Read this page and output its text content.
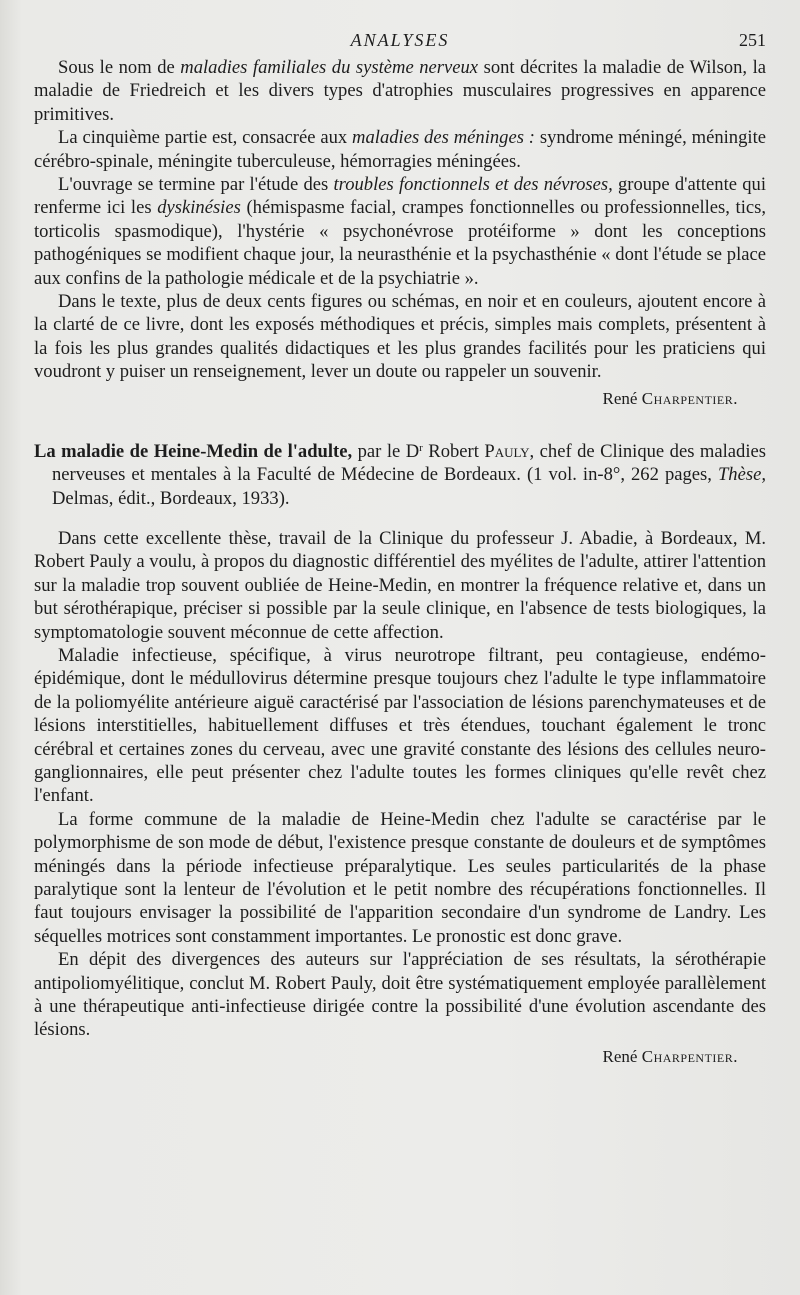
ANALYSES	251

Sous le nom de maladies familiales du système nerveux sont décrites la maladie de Wilson, la maladie de Friedreich et les divers types d'atrophies musculaires progressives en apparence primitives.

La cinquième partie est, consacrée aux maladies des méninges : syndrome méningé, méningite cérébro-spinale, méningite tuberculeuse, hémorragies méningées.

L'ouvrage se termine par l'étude des troubles fonctionnels et des névroses, groupe d'attente qui renferme ici les dyskinésies (hémispasme facial, crampes fonctionnelles ou professionnelles, tics, torticolis spasmodique), l'hystérie « psychonévrose protéiforme » dont les conceptions pathogéniques se modifient chaque jour, la neurasthénie et la psychasthénie « dont l'étude se place aux confins de la pathologie médicale et de la psychiatrie ».

Dans le texte, plus de deux cents figures ou schémas, en noir et en couleurs, ajoutent encore à la clarté de ce livre, dont les exposés méthodiques et précis, simples mais complets, présentent à la fois les plus grandes qualités didactiques et les plus grandes facilités pour les praticiens qui voudront y puiser un renseignement, lever un doute ou rappeler un souvenir.

René Charpentier.

La maladie de Heine-Medin de l'adulte, par le $D^r$ Robert Pauly, chef de Clinique des maladies nerveuses et mentales à la Faculté de Médecine de Bordeaux. (1 vol. in-8°, 262 pages, Thèse, Delmas, édit., Bordeaux, 1933).

Dans cette excellente thèse, travail de la Clinique du professeur J. Abadie, à Bordeaux, M. Robert Pauly a voulu, à propos du diagnostic différentiel des myélites de l'adulte, attirer l'attention sur la maladie trop souvent oubliée de Heine-Medin, en montrer la fréquence relative et, dans un but sérothérapique, préciser si possible par la seule clinique, en l'absence de tests biologiques, la symptomatologie souvent méconnue de cette affection.

Maladie infectieuse, spécifique, à virus neurotrope filtrant, peu contagieuse, endémo-épidémique, dont le médullovirus détermine presque toujours chez l'adulte le type inflammatoire de la poliomyélite antérieure aiguë caractérisé par l'association de lésions parenchymateuses et de lésions interstitielles, habituellement diffuses et très étendues, touchant également le tronc cérébral et certaines zones du cerveau, avec une gravité constante des lésions des cellules neuro-ganglionnaires, elle peut présenter chez l'adulte toutes les formes cliniques qu'elle revêt chez l'enfant.

La forme commune de la maladie de Heine-Medin chez l'adulte se caractérise par le polymorphisme de son mode de début, l'existence presque constante de douleurs et de symptômes méningés dans la période infectieuse préparalytique. Les seules particularités de la phase paralytique sont la lenteur de l'évolution et le petit nombre des récupérations fonctionnelles. Il faut toujours envisager la possibilité de l'apparition secondaire d'un syndrome de Landry. Les séquelles motrices sont constamment importantes. Le pronostic est donc grave.

En dépit des divergences des auteurs sur l'appréciation de ses résultats, la sérothérapie antipoliomyélitique, conclut M. Robert Pauly, doit être systématiquement employée parallèlement à une thérapeutique anti-infectieuse dirigée contre la possibilité d'une évolution ascendante des lésions.

René Charpentier.
